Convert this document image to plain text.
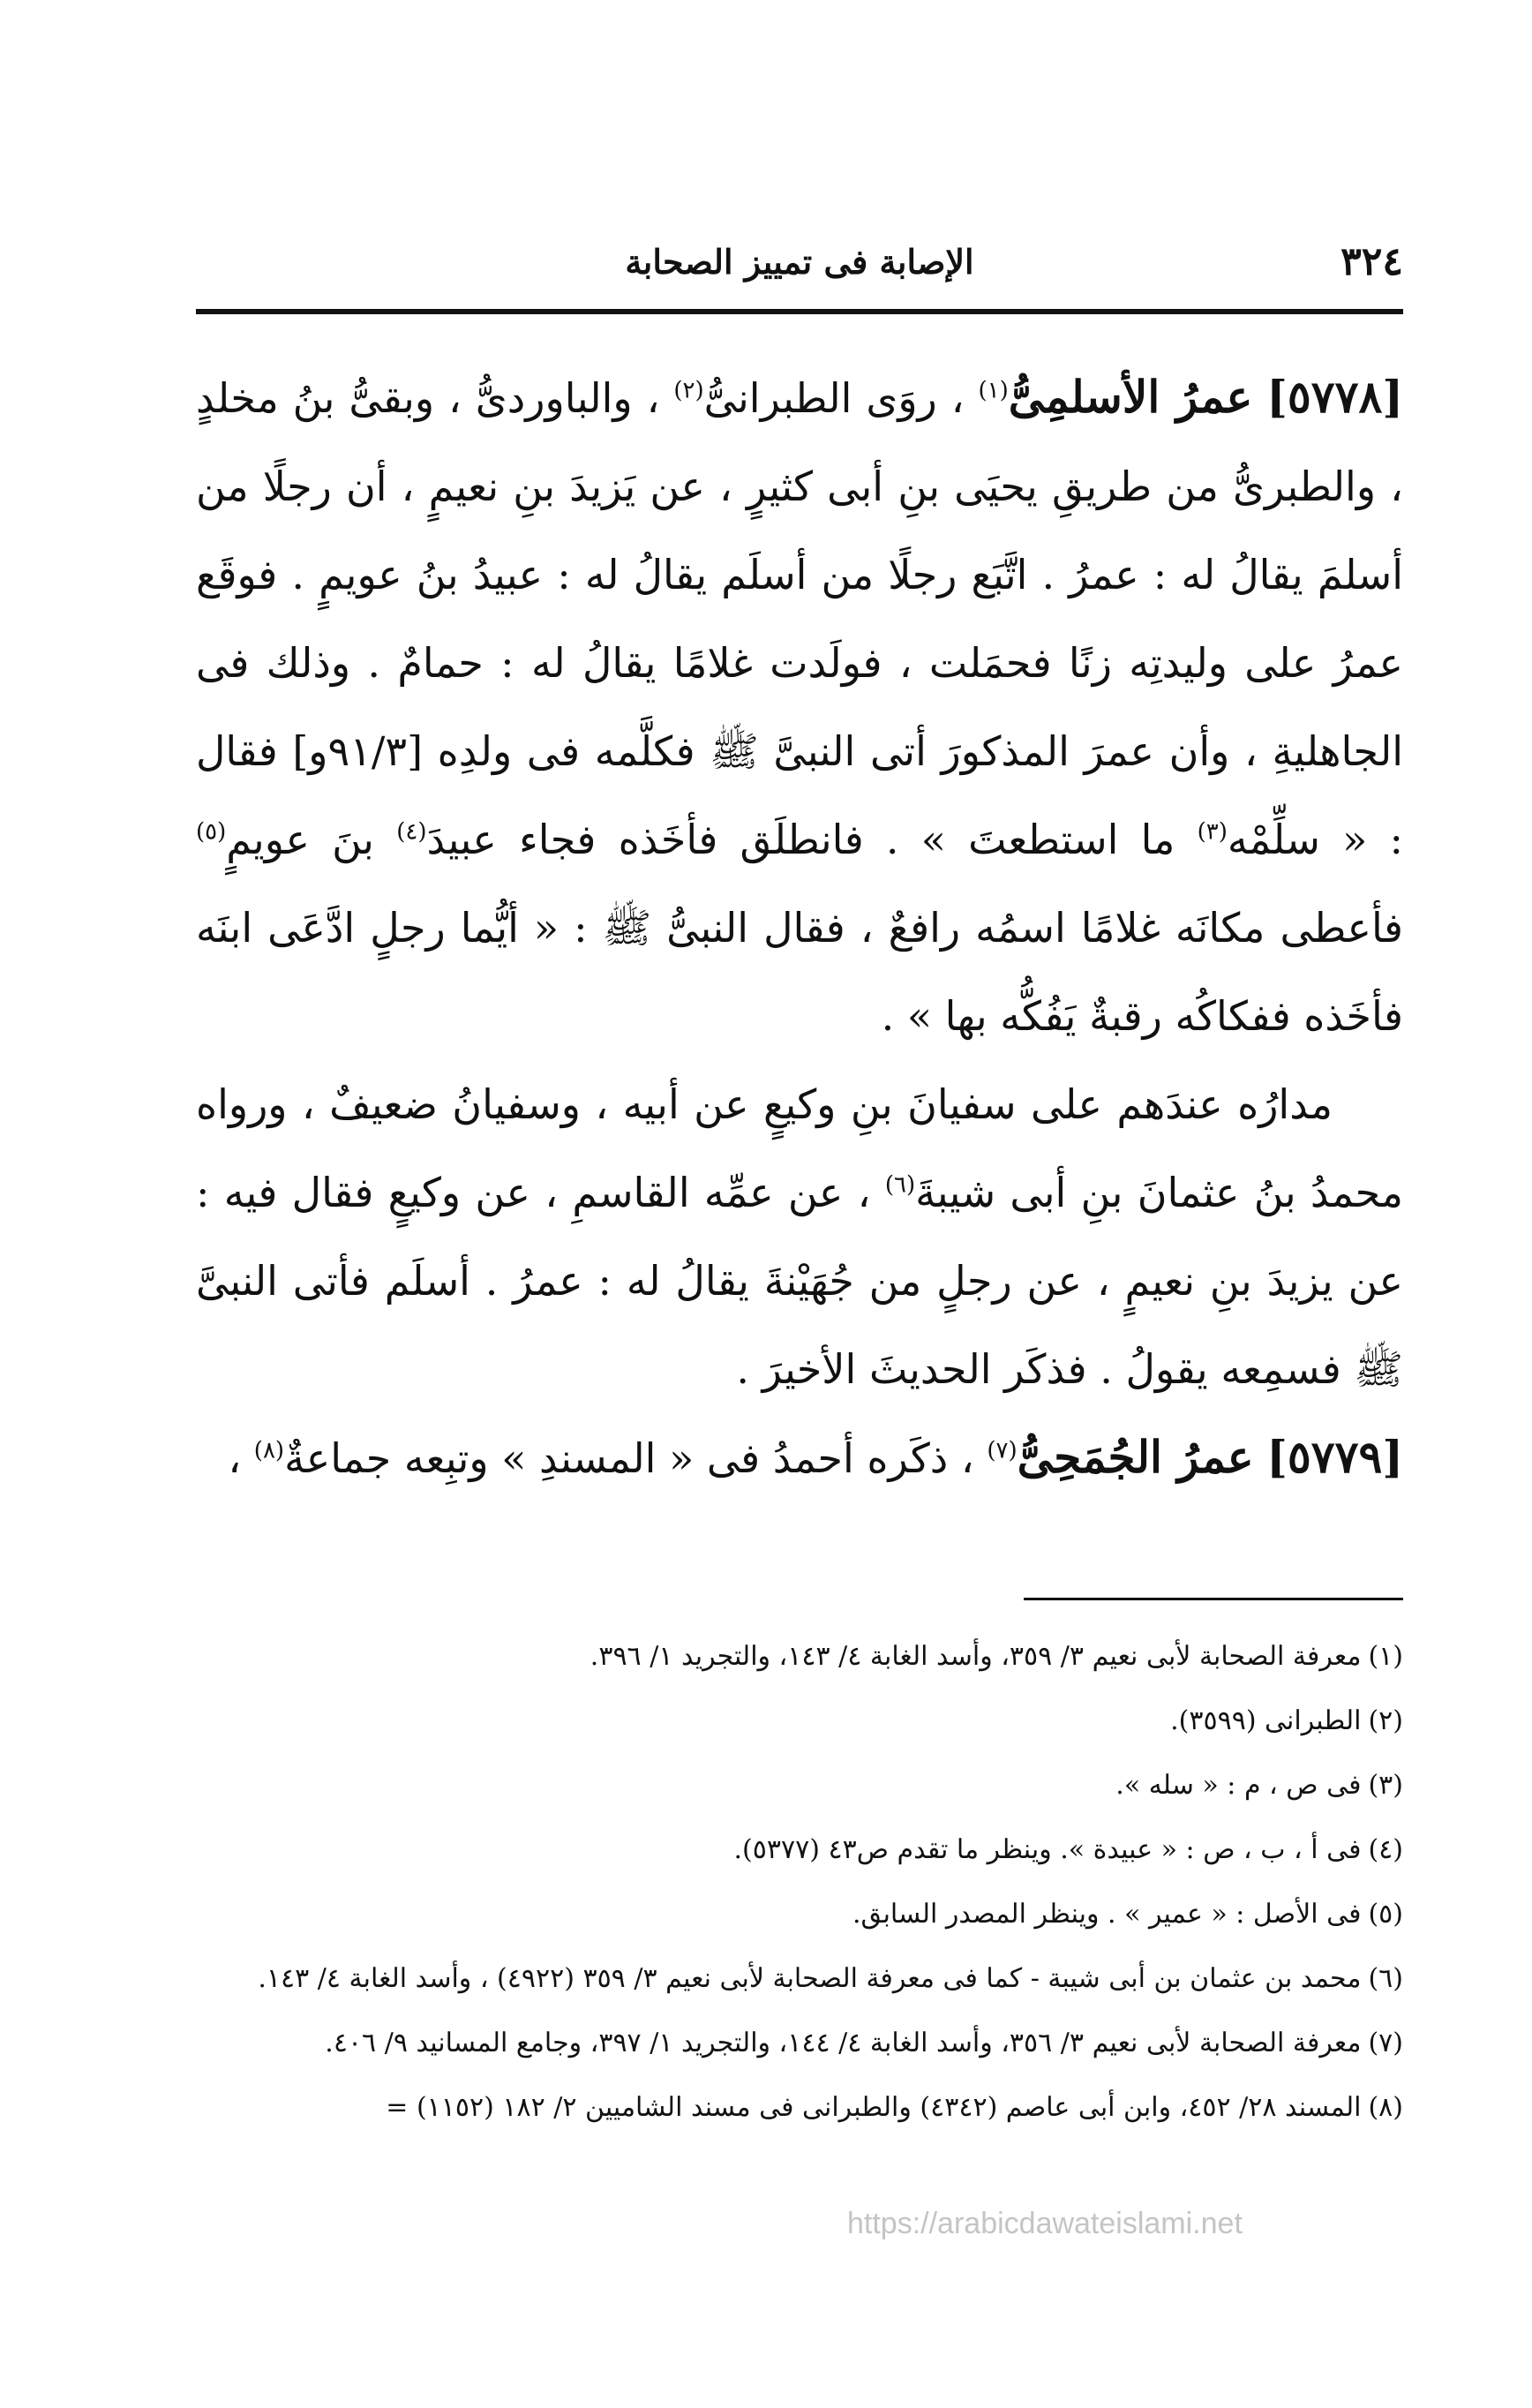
٣٢٤
الإصابة فى تمييز الصحابة

[٥٧٧٨] عمرُ الأسلمِىُّ$^{(١)}$ ، روَى الطبرانىُّ$^{(٢)}$ ، والباوردىُّ ، وبقىُّ بنُ مخلدٍ ، والطبرىُّ من طريقِ يحيَى بنِ أبى كثيرٍ ، عن يَزيدَ بنِ نعيمٍ ، أن رجلًا من أسلمَ يقالُ له : عمرُ . اتَّبَع رجلًا من أسلَم يقالُ له : عبيدُ بنُ عويمٍ . فوقَع عمرُ على وليدتِه زنًا فحمَلت ، فولَدت غلامًا يقالُ له : حمامٌ . وذلك فى الجاهليةِ ، وأن عمرَ المذكورَ أتى النبىَّ ﷺ فكلَّمه فى ولدِه [٩١/٣و] فقال : « سلِّمْه$^{(٣)}$ ما استطعتَ » . فانطلَق فأخَذه فجاء عبيدَ$^{(٤)}$ بنَ عويمٍ$^{(٥)}$ فأعطى مكانَه غلامًا اسمُه رافعٌ ، فقال النبىُّ ﷺ : « أيُّما رجلٍ ادَّعَى ابنَه فأخَذه ففكاكُه رقبةٌ يَفُكُّه بها » .

مدارُه عندَهم على سفيانَ بنِ وكيعٍ عن أبيه ، وسفيانُ ضعيفٌ ، ورواه محمدُ بنُ عثمانَ بنِ أبى شيبةَ$^{(٦)}$ ، عن عمِّه القاسمِ ، عن وكيعٍ فقال فيه : عن يزيدَ بنِ نعيمٍ ، عن رجلٍ من جُهَيْنةَ يقالُ له : عمرُ . أسلَم فأتى النبىَّ ﷺ فسمِعه يقولُ . فذكَر الحديثَ الأخيرَ .

[٥٧٧٩] عمرُ الجُمَحِىُّ$^{(٧)}$ ، ذكَره أحمدُ فى « المسندِ » وتبِعه جماعةٌ$^{(٨)}$ ،

(١)معرفة الصحابة لأبى نعيم ٣/ ٣٥٩، وأسد الغابة ٤/ ١٤٣، والتجريد ١/ ٣٩٦.

(٢)الطبرانى (٣٥٩٩).

(٣)فى ص ، م : « سله ».

(٤)فى أ ، ب ، ص : « عبيدة ». وينظر ما تقدم ص٤٣ (٥٣٧٧).

(٥)فى الأصل : « عمير » . وينظر المصدر السابق.

(٦)محمد بن عثمان بن أبى شيبة - كما فى معرفة الصحابة لأبى نعيم ٣/ ٣٥٩ (٤٩٢٢) ، وأسد الغابة ٤/ ١٤٣.

(٧)معرفة الصحابة لأبى نعيم ٣/ ٣٥٦، وأسد الغابة ٤/ ١٤٤، والتجريد ١/ ٣٩٧، وجامع المسانيد ٩/ ٤٠٦.

(٨)المسند ٢٨/ ٤٥٢، وابن أبى عاصم (٤٣٤٢) والطبرانى فى مسند الشاميين ٢/ ١٨٢ (١١٥٢) =

https://arabicdawateislami.net
